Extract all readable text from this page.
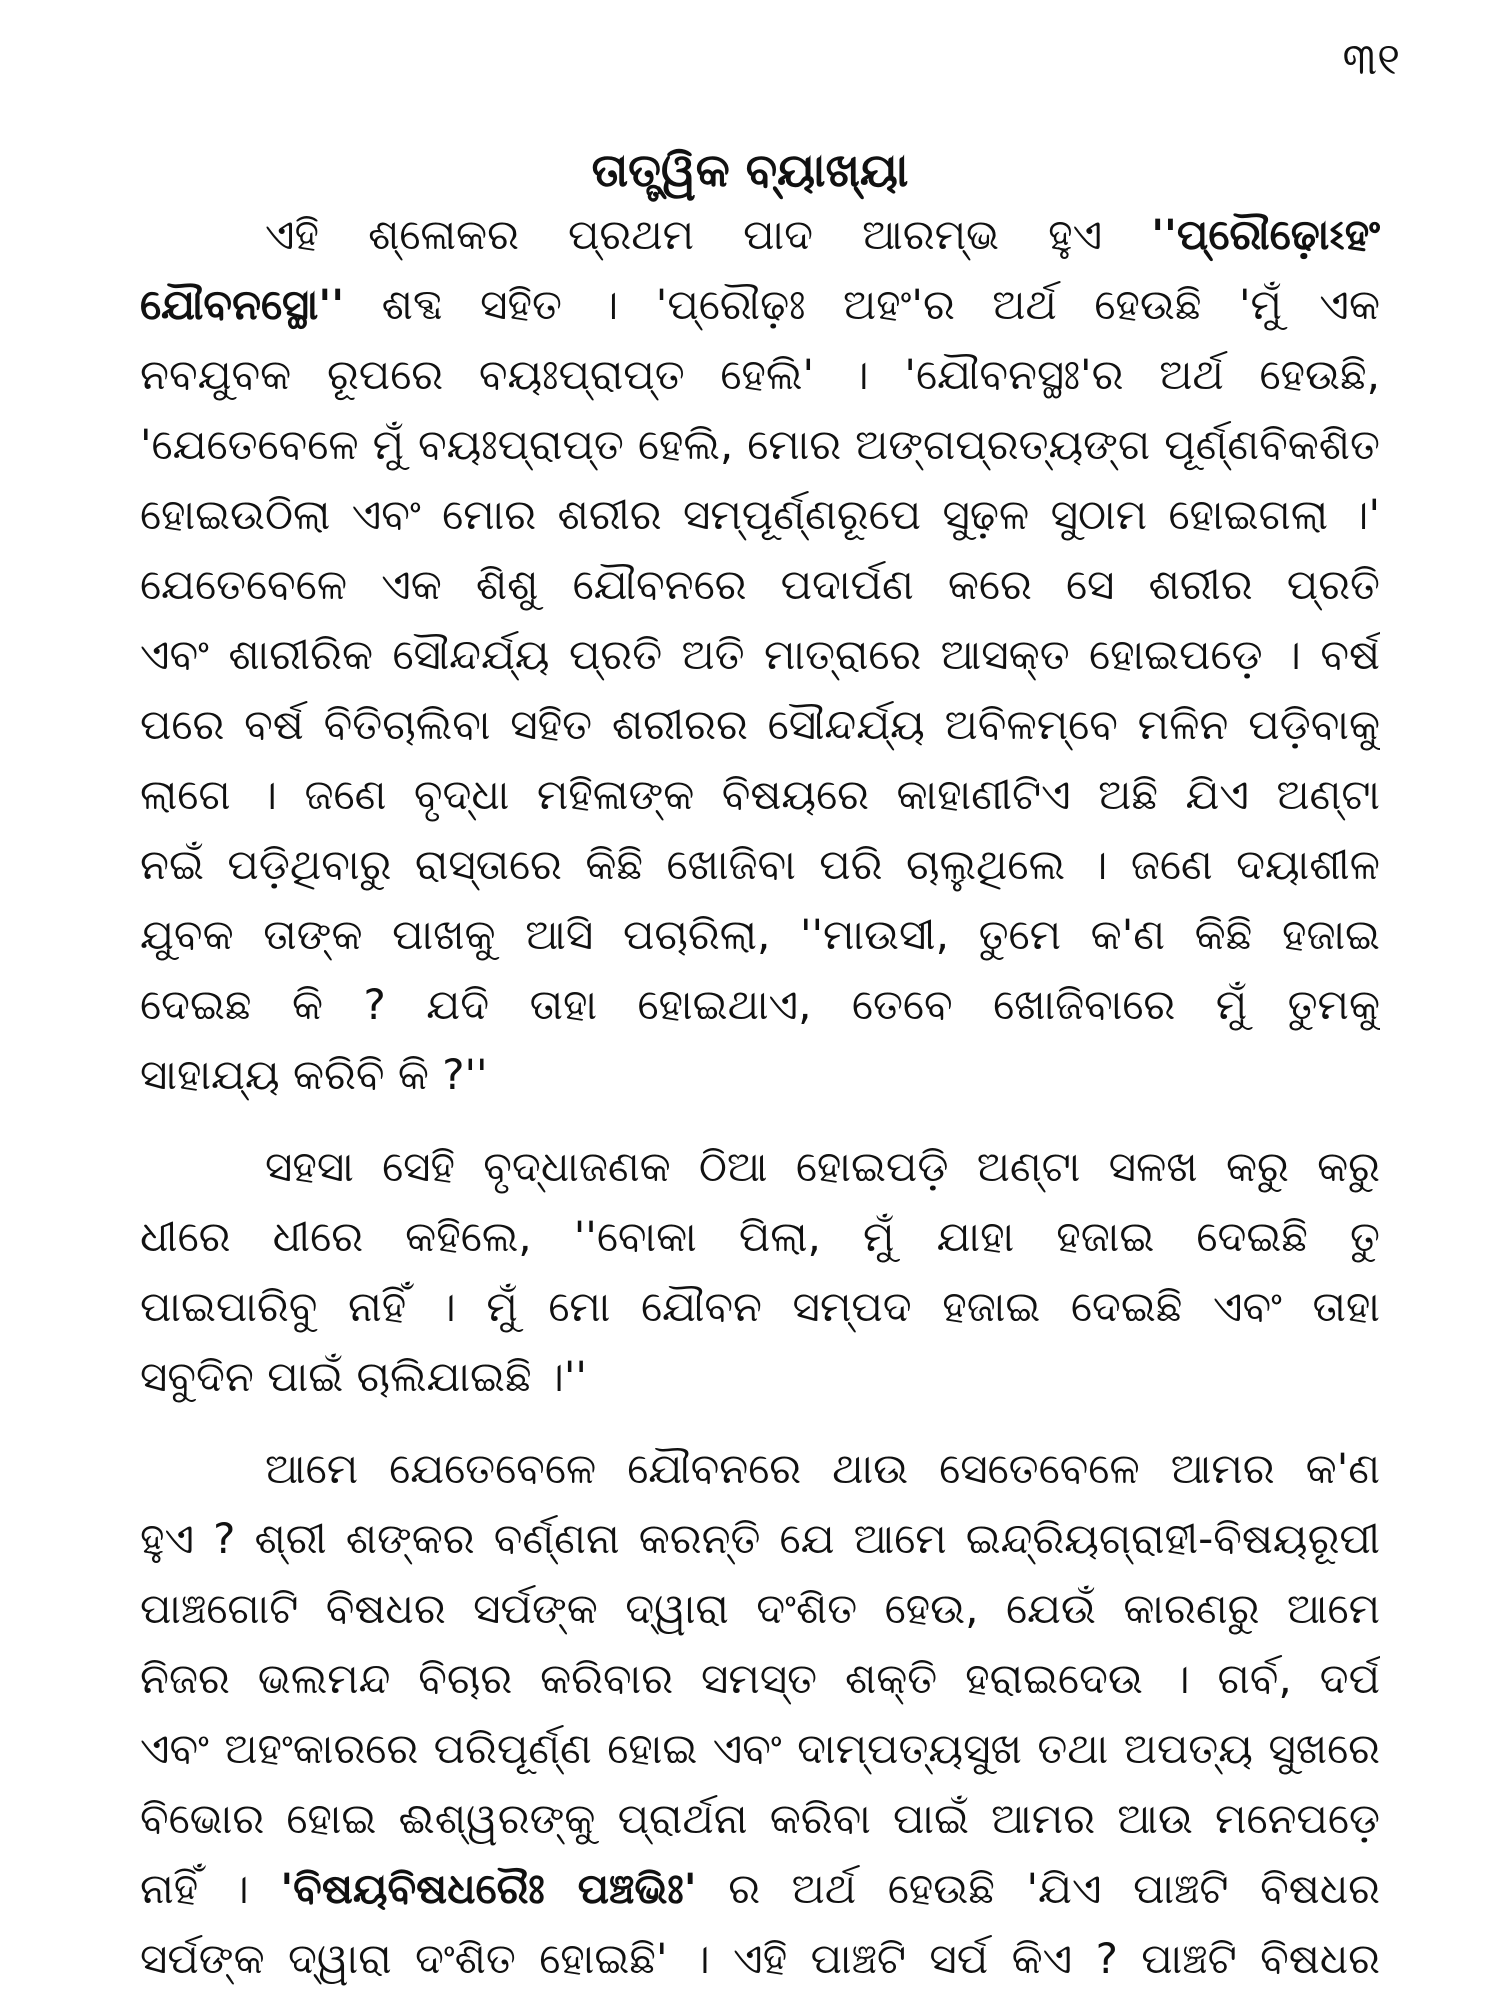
୩୧
ତାତ୍ତ୍ୱିକ ବ୍ୟାଖ୍ୟା
ଏହି ଶ୍ଳୋକର ପ୍ରଥମ ପାଦ ଆରମ୍ଭ ହୁଏ ''ପ୍ରୌଢ଼ୋଽହଂ
ଯୌବନସ୍ଥୋ'' ଶବ୍ଦ ସହିତ । 'ପ୍ରୌଢ଼ଃ ଅହଂ'ର ଅର୍ଥ ହେଉଛି 'ମୁଁ ଏକ
ନବଯୁବକ ରୂପରେ ବୟଃପ୍ରାପ୍ତ ହେଲି' । 'ଯୌବନସ୍ଥଃ'ର ଅର୍ଥ ହେଉଛି,
'ଯେତେବେଳେ ମୁଁ ବୟଃପ୍ରାପ୍ତ ହେଲି, ମୋର ଅଙ୍ଗପ୍ରତ୍ୟଙ୍ଗ ପୂର୍ଣ୍ଣବିକଶିତ
ହୋଇଉଠିଲା ଏବଂ ମୋର ଶରୀର ସମ୍ପୂର୍ଣ୍ଣରୂପେ ସୁଢ଼ଳ ସୁଠାମ ହୋଇଗଲା ।'
ଯେତେବେଳେ ଏକ ଶିଶୁ ଯୌବନରେ ପଦାର୍ପଣ କରେ ସେ ଶରୀର ପ୍ରତି
ଏବଂ ଶାରୀରିକ ସୌନ୍ଦର୍ଯ୍ୟ ପ୍ରତି ଅତି ମାତ୍ରାରେ ଆସକ୍ତ ହୋଇପଡ଼େ । ବର୍ଷ
ପରେ ବର୍ଷ ବିତିଚାଲିବା ସହିତ ଶରୀରର ସୌନ୍ଦର୍ଯ୍ୟ ଅବିଳମ୍ବେ ମଳିନ ପଡ଼ିବାକୁ
ଲାଗେ । ଜଣେ ବୃଦ୍ଧା ମହିଳାଙ୍କ ବିଷୟରେ କାହାଣୀଟିଏ ଅଛି ଯିଏ ଅଣ୍ଟା
ନଇଁ ପଡ଼ିଥିବାରୁ ରାସ୍ତାରେ କିଛି ଖୋଜିବା ପରି ଚାଲୁଥିଲେ । ଜଣେ ଦୟାଶୀଳ
ଯୁବକ ତାଙ୍କ ପାଖକୁ ଆସି ପଚାରିଲା, ''ମାଉସୀ, ତୁମେ କ'ଣ କିଛି ହଜାଇ
ଦେଇଛ କି ? ଯଦି ତାହା ହୋଇଥାଏ, ତେବେ ଖୋଜିବାରେ ମୁଁ ତୁମକୁ
ସାହାଯ୍ୟ କରିବି କି ?''
ସହସା ସେହି ବୃଦ୍ଧାଜଣକ ଠିଆ ହୋଇପଡ଼ି ଅଣ୍ଟା ସଳଖ କରୁ କରୁ
ଧୀରେ ଧୀରେ କହିଲେ, ''ବୋକା ପିଲା, ମୁଁ ଯାହା ହଜାଇ ଦେଇଛି ତୁ
ପାଇପାରିବୁ ନାହିଁ । ମୁଁ ମୋ ଯୌବନ ସମ୍ପଦ ହଜାଇ ଦେଇଛି ଏବଂ ତାହା
ସବୁଦିନ ପାଇଁ ଚାଲିଯାଇଛି ।''
ଆମେ ଯେତେବେଳେ ଯୌବନରେ ଥାଉ ସେତେବେଳେ ଆମର କ'ଣ
ହୁଏ ? ଶ୍ରୀ ଶଙ୍କର ବର୍ଣ୍ଣନା କରନ୍ତି ଯେ ଆମେ ଇନ୍ଦ୍ରିୟଗ୍ରାହୀ-ବିଷୟରୂପୀ
ପାଞ୍ଚଗୋଟି ବିଷଧର ସର୍ପଙ୍କ ଦ୍ୱାରା ଦଂଶିତ ହେଉ, ଯେଉଁ କାରଣରୁ ଆମେ
ନିଜର ଭଲମନ୍ଦ ବିଚାର କରିବାର ସମସ୍ତ ଶକ୍ତି ହରାଇଦେଉ । ଗର୍ବ, ଦର୍ପ
ଏବଂ ଅହଂକାରରେ ପରିପୂର୍ଣ୍ଣ ହୋଇ ଏବଂ ଦାମ୍ପତ୍ୟସୁଖ ତଥା ଅପତ୍ୟ ସୁଖରେ
ବିଭୋର ହୋଇ ଈଶ୍ୱରଙ୍କୁ ପ୍ରାର୍ଥନା କରିବା ପାଇଁ ଆମର ଆଉ ମନେପଡ଼େ
ନାହିଁ । 'ବିଷୟବିଷଧରୈଃ ପଞ୍ଚଭିଃ' ର ଅର୍ଥ ହେଉଛି 'ଯିଏ ପାଞ୍ଚଟି ବିଷଧର
ସର୍ପଙ୍କ ଦ୍ୱାରା ଦଂଶିତ ହୋଇଛି' । ଏହି ପାଞ୍ଚଟି ସର୍ପ କିଏ ? ପାଞ୍ଚଟି ବିଷଧର
